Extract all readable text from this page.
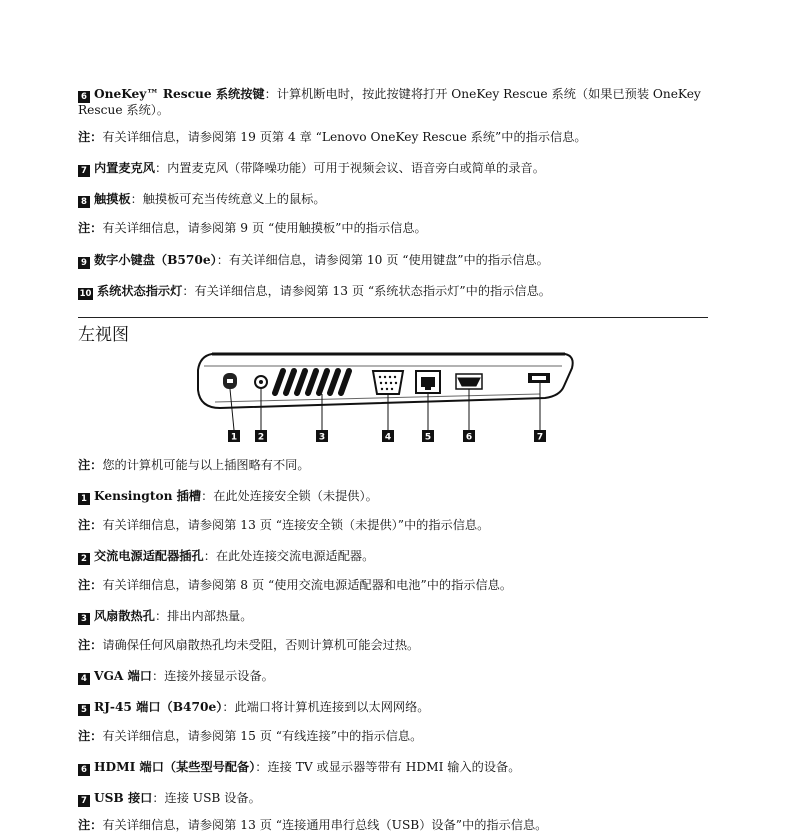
6 OneKey™ Rescue 系统按键：计算机断电时，按此按键将打开 OneKey Rescue 系统（如果已预装 OneKey Rescue 系统）。
注：有关详细信息，请参阅第 19 页第 4 章 “Lenovo OneKey Rescue 系统”中的指示信息。
7 内置麦克风：内置麦克风（带降噪功能）可用于视频会议、语音旁白或简单的录音。
8 触摸板：触摸板可充当传统意义上的鼠标。
注：有关详细信息，请参阅第 9 页 “使用触摸板”中的指示信息。
9 数字小键盘（B570e）：有关详细信息，请参阅第 10 页 “使用键盘”中的指示信息。
10 系统状态指示灯：有关详细信息，请参阅第 13 页 “系统状态指示灯”中的指示信息。
左视图
1 2	3	4	5	6	7
注：您的计算机可能与以上插图略有不同。
1 Kensington 插槽：在此处连接安全锁（未提供）。
注：有关详细信息，请参阅第 13 页 “连接安全锁（未提供）”中的指示信息。
2 交流电源适配器插孔：在此处连接交流电源适配器。
注：有关详细信息，请参阅第 8 页 “使用交流电源适配器和电池”中的指示信息。
3 风扇散热孔：排出内部热量。
注：请确保任何风扇散热孔均未受阻，否则计算机可能会过热。
4 VGA 端口：连接外接显示设备。
5 RJ-45 端口（B470e）：此端口将计算机连接到以太网网络。
注：有关详细信息，请参阅第 15 页 “有线连接”中的指示信息。
6 HDMI 端口（某些型号配备）：连接 TV 或显示器等带有 HDMI 输入的设备。
7 USB 接口：连接 USB 设备。
注：有关详细信息，请参阅第 13 页 “连接通用串行总线（USB）设备”中的指示信息。
